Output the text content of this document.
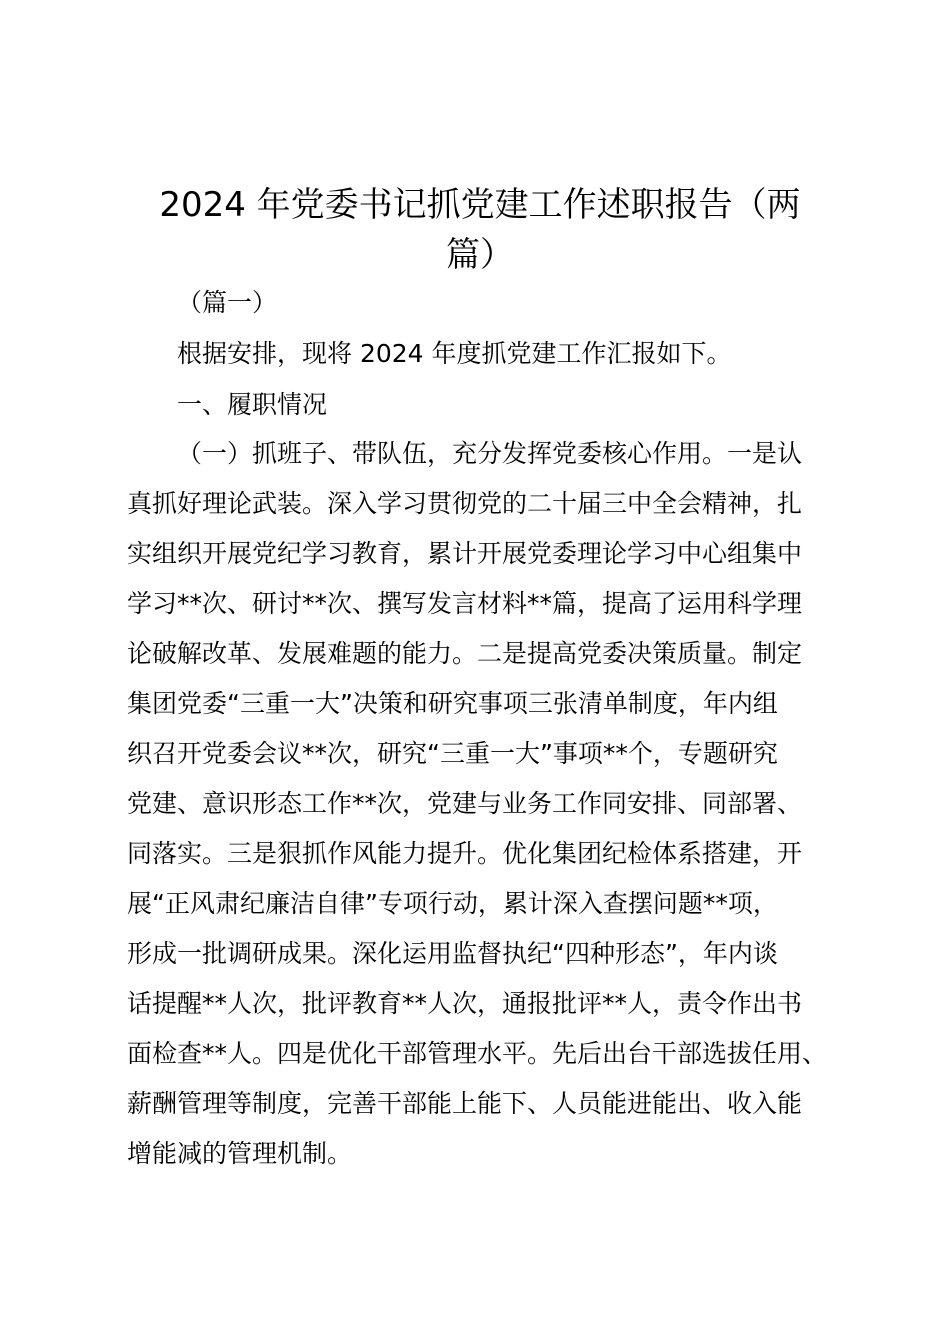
2024 年党委书记抓党建工作述职报告（两
篇）
（篇一）
根据安排，现将 2024 年度抓党建工作汇报如下。
一、履职情况
（一）抓班子、带队伍，充分发挥党委核心作用。一是认
真抓好理论武装。深入学习贯彻党的二十届三中全会精神，扎
实组织开展党纪学习教育，累计开展党委理论学习中心组集中
学习**次、研讨**次、撰写发言材料**篇，提高了运用科学理
论破解改革、发展难题的能力。二是提高党委决策质量。制定
集团党委“三重一大”决策和研究事项三张清单制度，年内组
织召开党委会议**次，研究“三重一大”事项**个，专题研究
党建、意识形态工作**次，党建与业务工作同安排、同部署、
同落实。三是狠抓作风能力提升。优化集团纪检体系搭建，开
展“正风肃纪廉洁自律”专项行动，累计深入查摆问题**项，
形成一批调研成果。深化运用监督执纪“四种形态”，年内谈
话提醒**人次，批评教育**人次，通报批评**人，责令作出书
面检查**人。四是优化干部管理水平。先后出台干部选拔任用、
薪酬管理等制度，完善干部能上能下、人员能进能出、收入能
增能减的管理机制。
